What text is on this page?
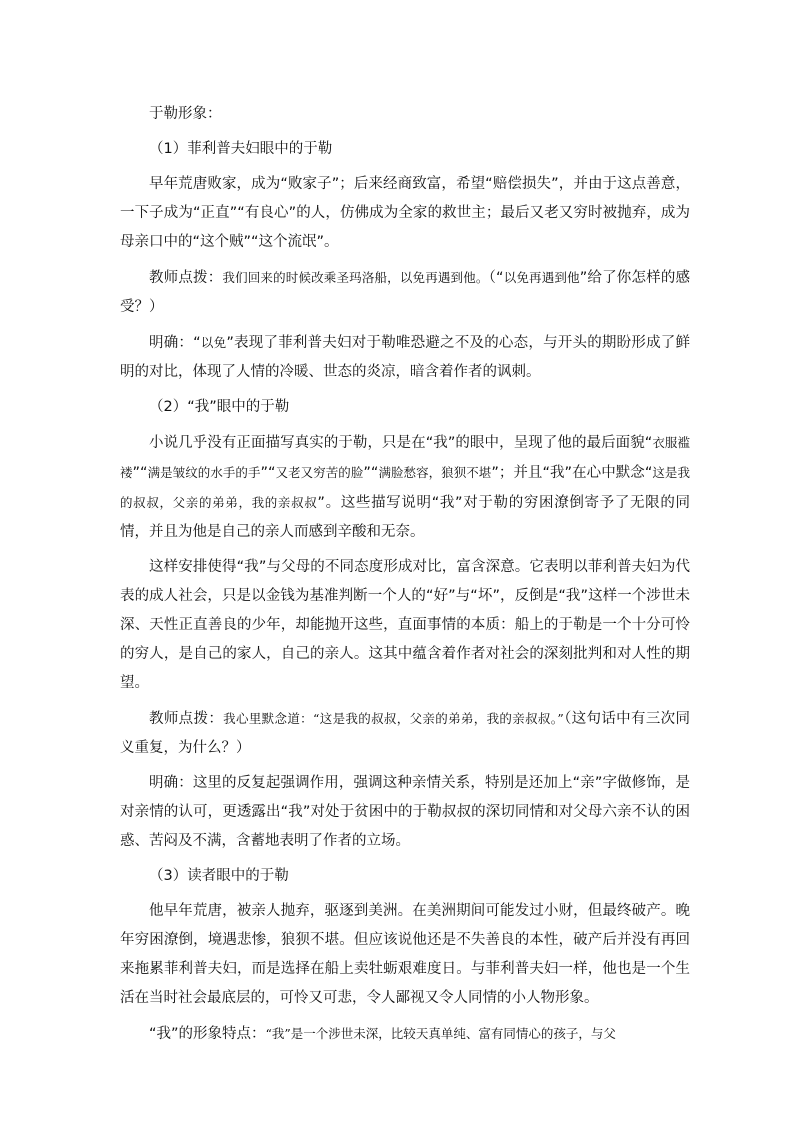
于勒形象：

（1）菲利普夫妇眼中的于勒

早年荒唐败家，成为“败家子”；后来经商致富，希望“赔偿损失”，并由于这点善意，一下子成为“正直”“有良心”的人，仿佛成为全家的救世主；最后又老又穷时被抛弃，成为母亲口中的“这个贼”“这个流氓”。

教师点拨：我们回来的时候改乘圣玛洛船，以免再遇到他。（“以免再遇到他”给了你怎样的感受？）

明确：“以免”表现了菲利普夫妇对于勒唯恐避之不及的心态，与开头的期盼形成了鲜明的对比，体现了人情的冷暖、世态的炎凉，暗含着作者的讽刺。

（2）“我”眼中的于勒

小说几乎没有正面描写真实的于勒，只是在“我”的眼中，呈现了他的最后面貌“衣服褴褛”“满是皱纹的水手的手”“又老又穷苦的脸”“满脸愁容，狼狈不堪”；并且“我”在心中默念“这是我的叔叔，父亲的弟弟，我的亲叔叔”。这些描写说明“我”对于勒的穷困潦倒寄予了无限的同情，并且为他是自己的亲人而感到辛酸和无奈。

这样安排使得“我”与父母的不同态度形成对比，富含深意。它表明以菲利普夫妇为代表的成人社会，只是以金钱为基准判断一个人的“好”与“坏”，反倒是“我”这样一个涉世未深、天性正直善良的少年，却能抛开这些，直面事情的本质：船上的于勒是一个十分可怜的穷人，是自己的家人，自己的亲人。这其中蕴含着作者对社会的深刻批判和对人性的期望。

教师点拨：我心里默念道：“这是我的叔叔，父亲的弟弟，我的亲叔叔。”（这句话中有三次同义重复，为什么？）

明确：这里的反复起强调作用，强调这种亲情关系，特别是还加上“亲”字做修饰，是对亲情的认可，更透露出“我”对处于贫困中的于勒叔叔的深切同情和对父母六亲不认的困惑、苦闷及不满，含蓄地表明了作者的立场。

（3）读者眼中的于勒

他早年荒唐，被亲人抛弃，驱逐到美洲。在美洲期间可能发过小财，但最终破产。晚年穷困潦倒，境遇悲惨，狼狈不堪。但应该说他还是不失善良的本性，破产后并没有再回来拖累菲利普夫妇，而是选择在船上卖牡蛎艰难度日。与菲利普夫妇一样，他也是一个生活在当时社会最底层的，可怜又可悲，令人鄙视又令人同情的小人物形象。

“我”的形象特点：“我”是一个涉世未深，比较天真单纯、富有同情心的孩子，与父
